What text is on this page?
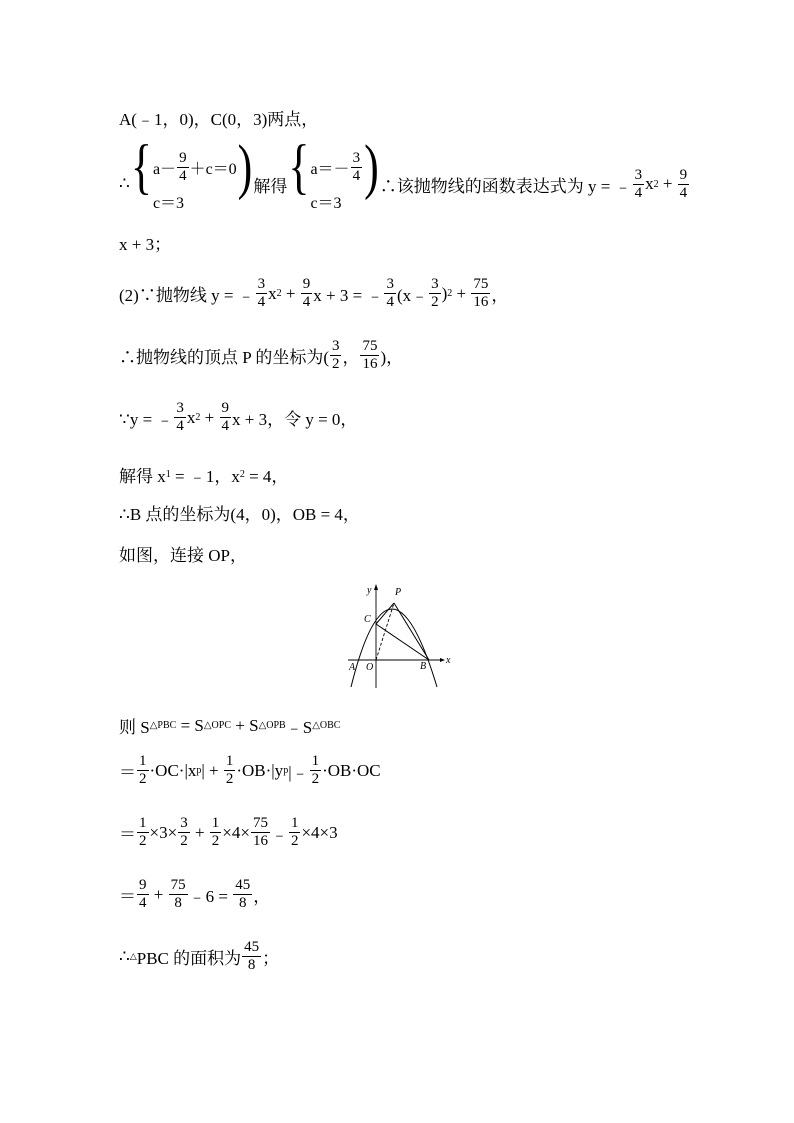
A(﹣1，0)，C(0，3)两点，
∴ { $a- \frac{9}{4} +c=0$
c＝3
) 解得 { $a=- \frac{3}{4}$
c＝3
) ∴该抛物线的函数表达式为 y = ﹣ $\frac{3}{4}$ x $2 + \frac{9}{4}$
x + 3；
(2)∵抛物线 y = ﹣ $\frac{3}{4}$ x $2 + \frac{9}{4}$ x + 3 = ﹣ $\frac{3}{4}$ (x﹣ $\frac{3}{2}$ ) $2 + \frac{75}{16}$ ，
∴抛物线的顶点 P 的坐标为( $\frac{3}{2}$ ， $\frac{75}{16}$ )，
∵y = ﹣ $\frac{3}{4}$ x $2 + \frac{9}{4}$ x + 3，令 y = 0，
解得 x 1 = ﹣1，x 2 = 4，
∴B 点的坐标为(4，0)，OB = 4，
如图，连接 OP，
y
x
P
C
A O	B
则 S △PBC = S △OPC + S △OPB ﹣S △OBC
＝ $\frac{1}{2} \cdot OC\cdot|x$ p | + $\frac{1}{2} \cdot OB\cdot|y$ p |﹣ $\frac{1}{2} \cdot OB\cdot OC$
＝ $\frac{1}{2} \times 3\times \frac{3}{2} + \frac{1}{2} \times 4\times \frac{75}{16}$ ﹣ $\frac{1}{2} \times 4\times 3$
＝ $\frac{9}{4} + \frac{75}{8}$ ﹣6 = $\frac{45}{8}$ ，
∴ △ PBC 的面积为 $\frac{45}{8}$ ；
